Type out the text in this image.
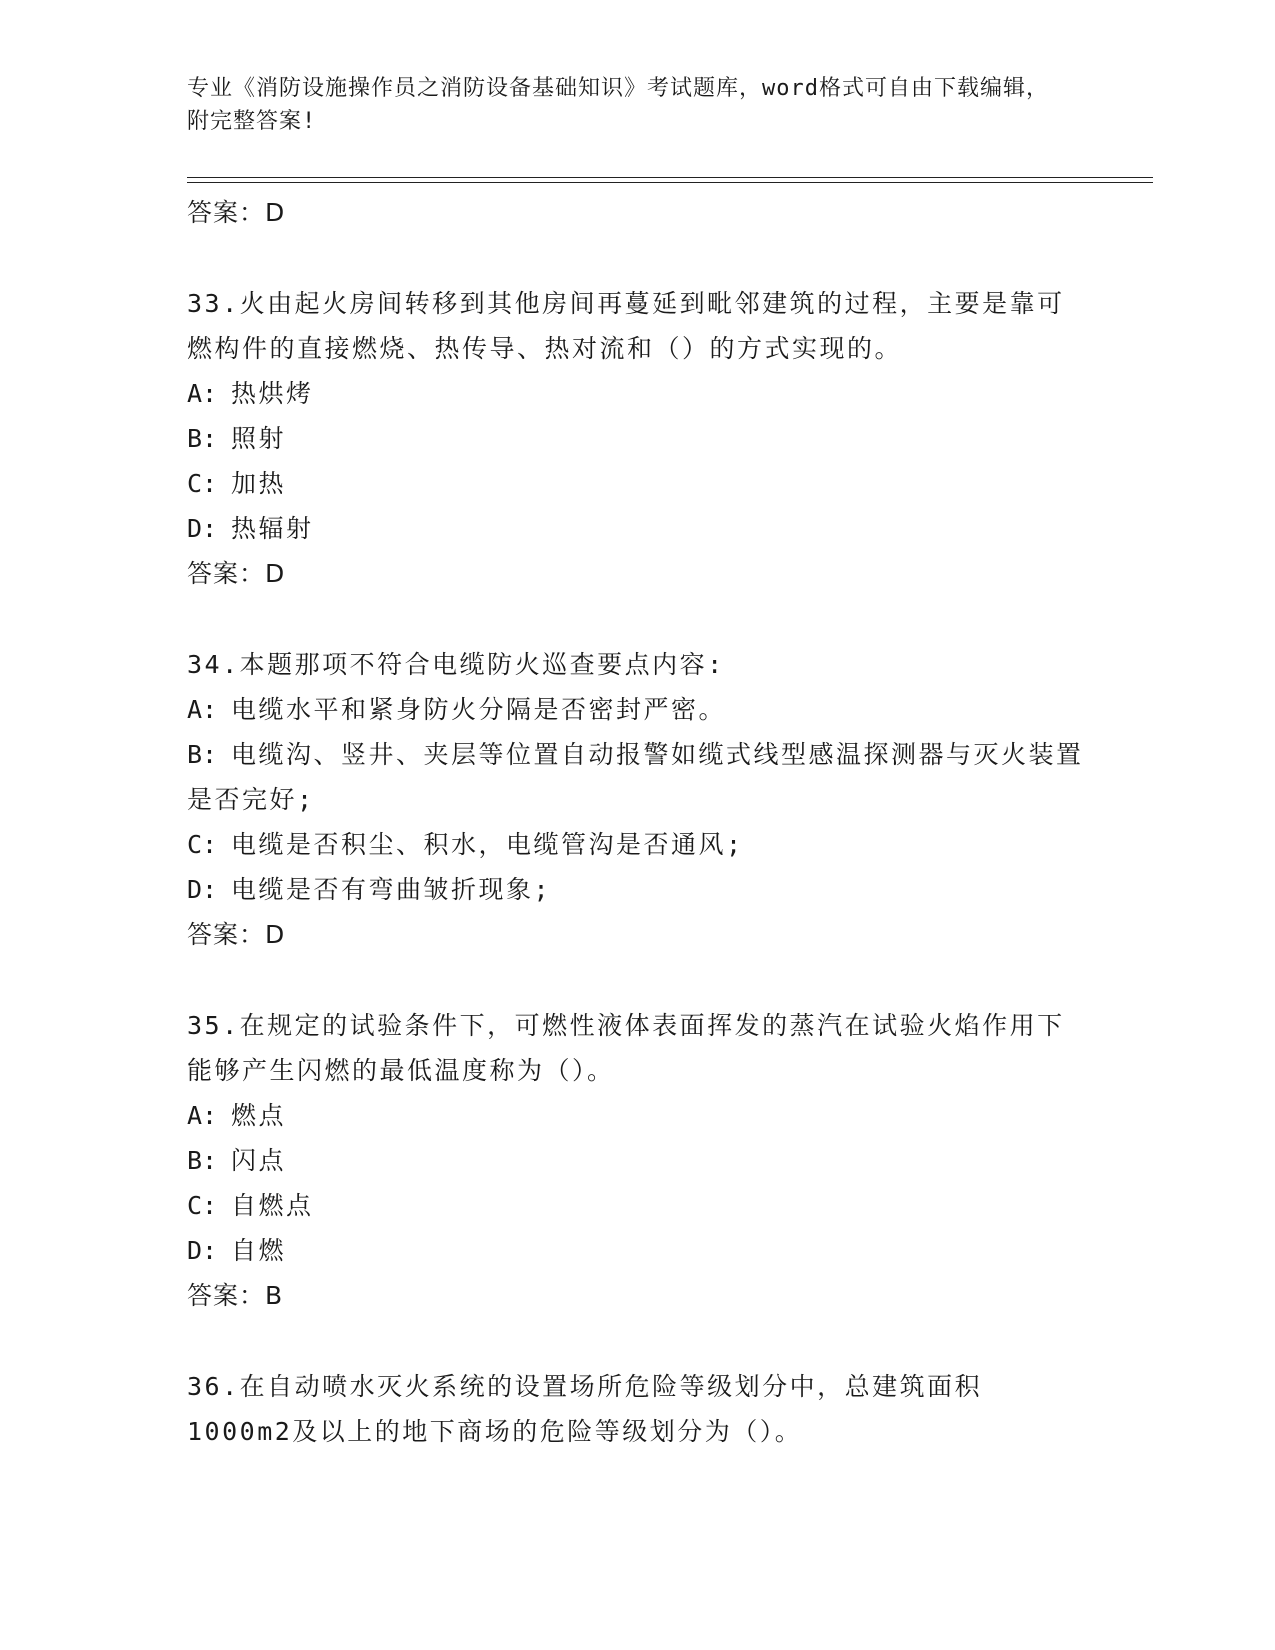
专业《消防设施操作员之消防设备基础知识》考试题库，word格式可自由下载编辑，附完整答案!
答案：D
33.火由起火房间转移到其他房间再蔓延到毗邻建筑的过程，主要是靠可燃构件的直接燃烧、热传导、热对流和（）的方式实现的。
A: 热烘烤
B: 照射
C: 加热
D: 热辐射
答案：D
34.本题那项不符合电缆防火巡查要点内容:
A: 电缆水平和紧身防火分隔是否密封严密。
B: 电缆沟、竖井、夹层等位置自动报警如缆式线型感温探测器与灭火装置是否完好;
C: 电缆是否积尘、积水，电缆管沟是否通风;
D: 电缆是否有弯曲皱折现象;
答案：D
35.在规定的试验条件下，可燃性液体表面挥发的蒸汽在试验火焰作用下能够产生闪燃的最低温度称为（）。
A: 燃点
B: 闪点
C: 自燃点
D: 自燃
答案：B
36.在自动喷水灭火系统的设置场所危险等级划分中，总建筑面积1000m2及以上的地下商场的危险等级划分为（）。
